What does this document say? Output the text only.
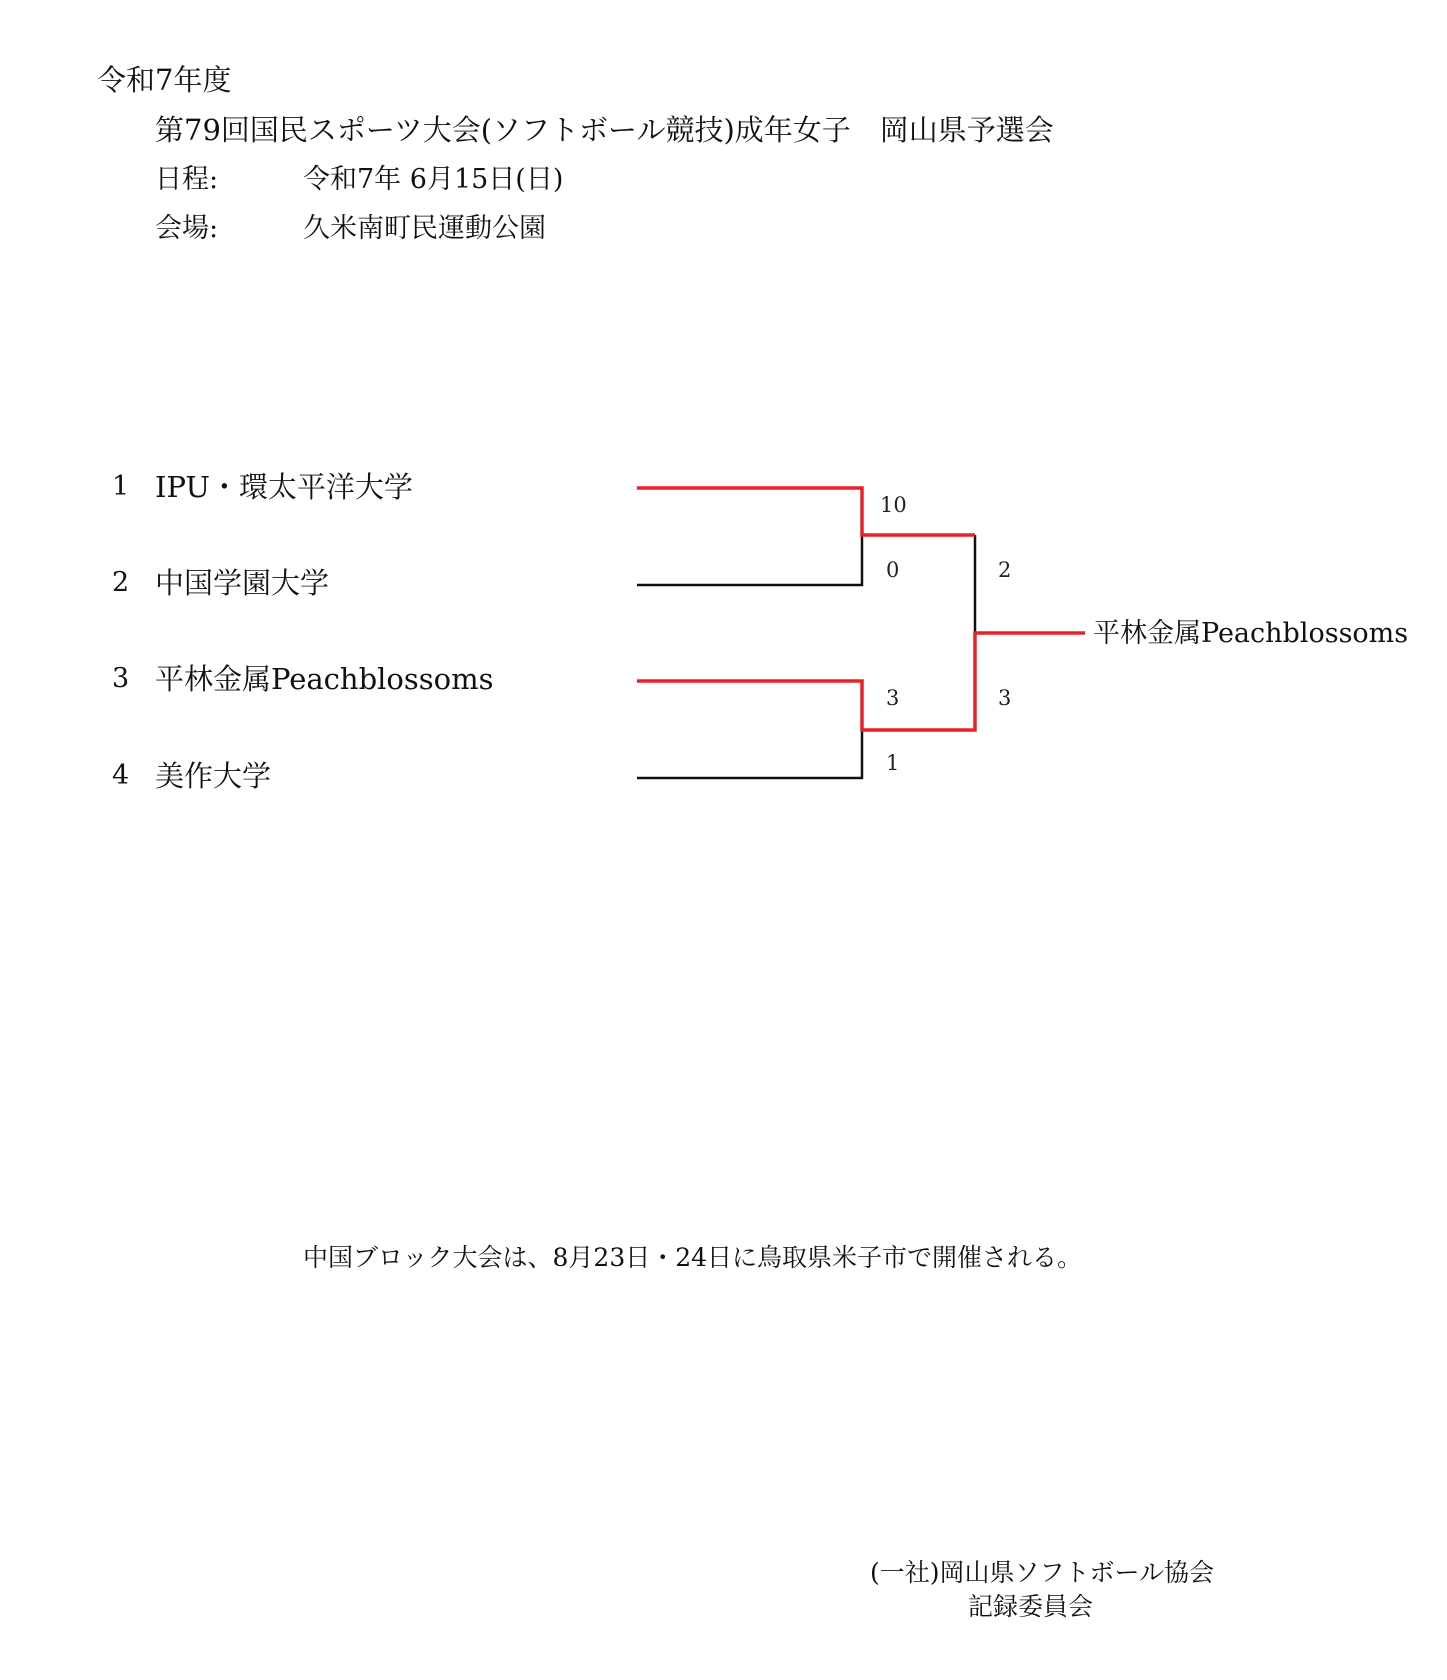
令和7年度
第79回国民スポーツ大会(ソフトボール競技)成年女子　岡山県予選会
日程:	令和7年 6月15日(日)
会場:	久米南町民運動公園
1 IPU・環太平洋大学
2 中国学園大学
3 平林金属Peachblossoms
4 美作大学
10
0
3
1
2
3
平林金属Peachblossoms
中国ブロック大会は、8月23日・24日に鳥取県米子市で開催される。
(一社)岡山県ソフトボール協会
記録委員会
